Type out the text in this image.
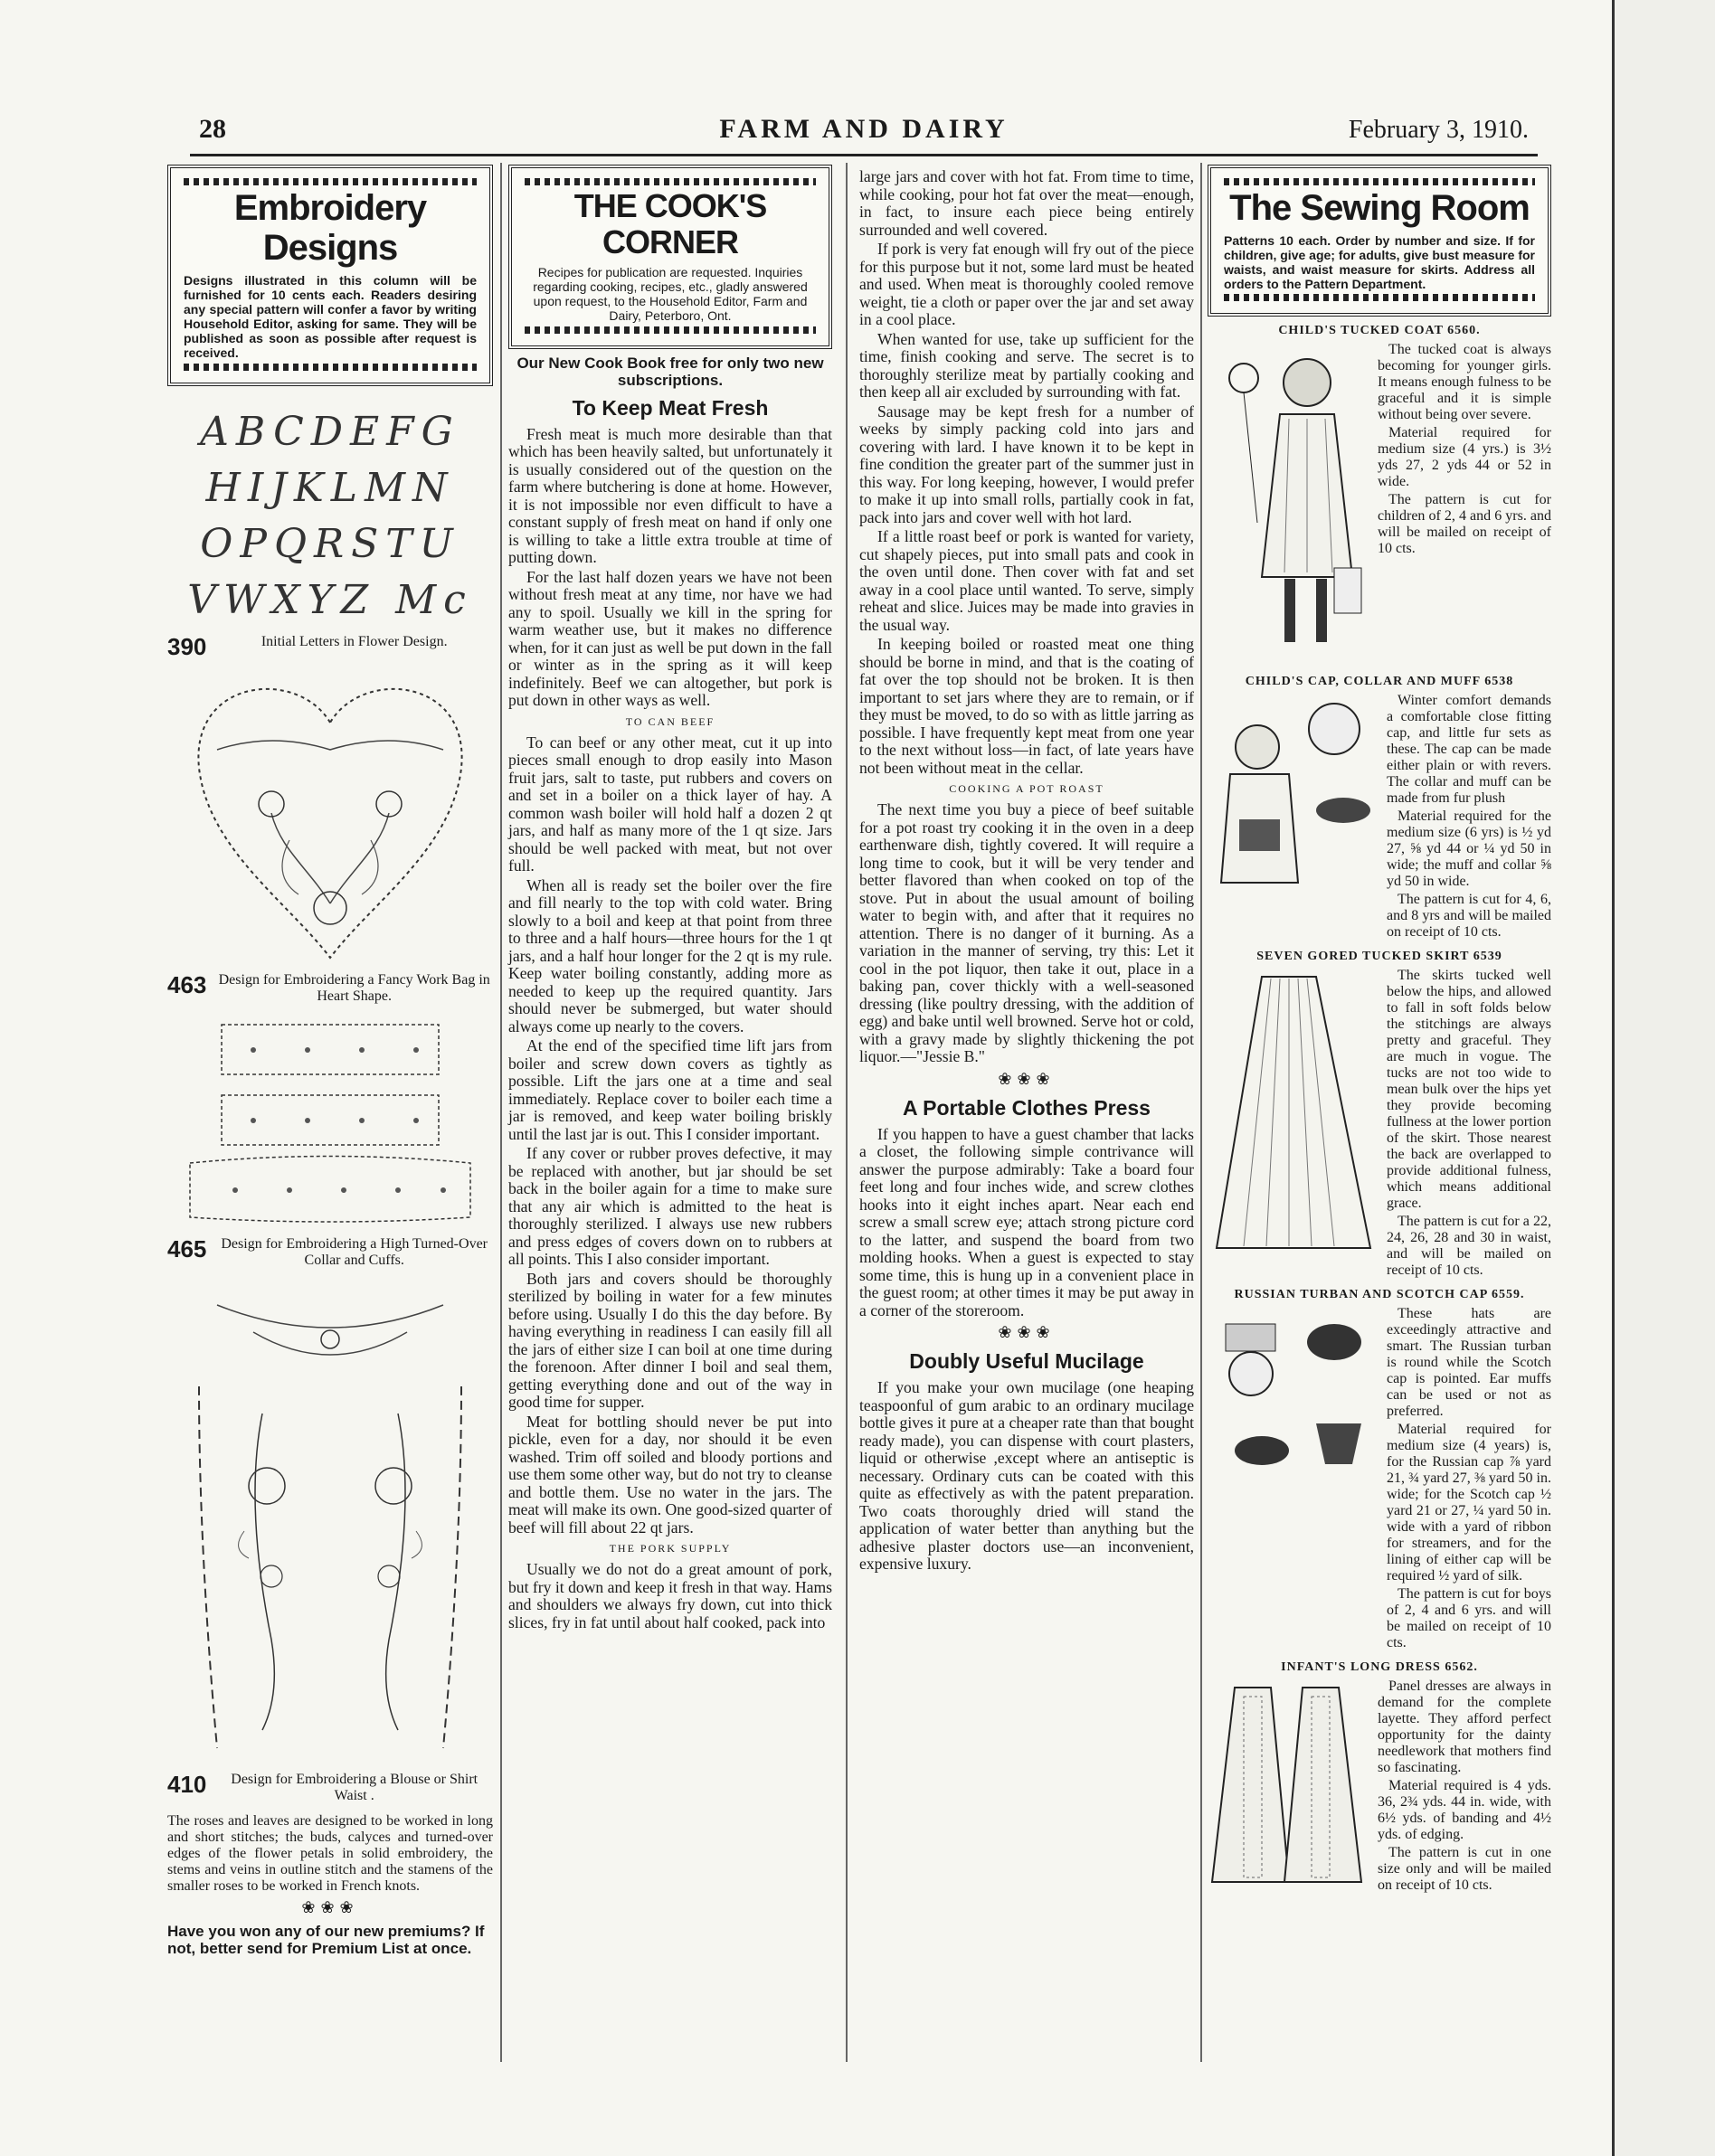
28	FARM AND DAIRY	February 3, 1910.
Embroidery Designs
Designs illustrated in this column will be furnished for 10 cents each. Readers desiring any special pattern will confer a favor by writing Household Editor, asking for same. They will be published as soon as possible after request is received.
ABCDEFG
HIJKLMN
OPQRSTU
VWXYZ Mc
390	Initial Letters in Flower Design.
463 Design for Embroidering a Fancy Work Bag in Heart Shape.
465 Design for Embroidering a High Turned-Over Collar and Cuffs.
410	Design for Embroidering a Blouse or Shirt Waist .
The roses and leaves are designed to be worked in long and short stitches; the buds, calyces and turned-over edges of the flower petals in solid embroidery, the stems and veins in outline stitch and the stamens of the smaller roses to be worked in French knots.
❀❀❀
Have you won any of our new premiums? If not, better send for Premium List at once.
THE COOK'S CORNER
Recipes for publication are requested. Inquiries regarding cooking, recipes, etc., gladly answered upon request, to the Household Editor, Farm and Dairy, Peterboro, Ont.
Our New Cook Book free for only two new subscriptions.
To Keep Meat Fresh

Fresh meat is much more desirable than that which has been heavily salted, but unfortunately it is usually considered out of the question on the farm where butchering is done at home. However, it is not impossible nor even difficult to have a constant supply of fresh meat on hand if only one is willing to take a little extra trouble at time of putting down.

For the last half dozen years we have not been without fresh meat at any time, nor have we had any to spoil. Usually we kill in the spring for warm weather use, but it makes no difference when, for it can just as well be put down in the fall or winter as in the spring as it will keep indefinitely. Beef we can altogether, but pork is put down in other ways as well.

TO CAN BEEF

To can beef or any other meat, cut it up into pieces small enough to drop easily into Mason fruit jars, salt to taste, put rubbers and covers on and set in a boiler on a thick layer of hay. A common wash boiler will hold half a dozen 2 qt jars, and half as many more of the 1 qt size. Jars should be well packed with meat, but not over full.

When all is ready set the boiler over the fire and fill nearly to the top with cold water. Bring slowly to a boil and keep at that point from three to three and a half hours—three hours for the 1 qt jars, and a half hour longer for the 2 qt is my rule. Keep water boiling constantly, adding more as needed to keep up the required quantity. Jars should never be submerged, but water should always come up nearly to the covers.

At the end of the specified time lift jars from boiler and screw down covers as tightly as possible. Lift the jars one at a time and seal immediately. Replace cover to boiler each time a jar is removed, and keep water boiling briskly until the last jar is out. This I consider important.

If any cover or rubber proves defective, it may be replaced with another, but jar should be set back in the boiler again for a time to make sure that any air which is admitted to the heat is thoroughly sterilized. I always use new rubbers and press edges of covers down on to rubbers at all points. This I also consider important.

Both jars and covers should be thoroughly sterilized by boiling in water for a few minutes before using. Usually I do this the day before. By having everything in readiness I can easily fill all the jars of either size I can boil at one time during the forenoon. After dinner I boil and seal them, getting everything done and out of the way in good time for supper.

Meat for bottling should never be put into pickle, even for a day, nor should it be even washed. Trim off soiled and bloody portions and use them some other way, but do not try to cleanse and bottle them. Use no water in the jars. The meat will make its own. One good-sized quarter of beef will fill about 22 qt jars.

THE PORK SUPPLY

Usually we do not do a great amount of pork, but fry it down and keep it fresh in that way. Hams and shoulders we always fry down, cut into thick slices, fry in fat until about half cooked, pack into

large jars and cover with hot fat. From time to time, while cooking, pour hot fat over the meat—enough, in fact, to insure each piece being entirely surrounded and well covered.

If pork is very fat enough will fry out of the piece for this purpose but it not, some lard must be heated and used. When meat is thoroughly cooled remove weight, tie a cloth or paper over the jar and set away in a cool place.

When wanted for use, take up sufficient for the time, finish cooking and serve. The secret is to thoroughly sterilize meat by partially cooking and then keep all air excluded by surrounding with fat.

Sausage may be kept fresh for a number of weeks by simply packing cold into jars and covering with lard. I have known it to be kept in fine condition the greater part of the summer just in this way. For long keeping, however, I would prefer to make it up into small rolls, partially cook in fat, pack into jars and cover well with hot lard.

If a little roast beef or pork is wanted for variety, cut shapely pieces, put into small pats and cook in the oven until done. Then cover with fat and set away in a cool place until wanted. To serve, simply reheat and slice. Juices may be made into gravies in the usual way.

In keeping boiled or roasted meat one thing should be borne in mind, and that is the coating of fat over the top should not be broken. It is then important to set jars where they are to remain, or if they must be moved, to do so with as little jarring as possible. I have frequently kept meat from one year to the next without loss—in fact, of late years have not been without meat in the cellar.

COOKING A POT ROAST

The next time you buy a piece of beef suitable for a pot roast try cooking it in the oven in a deep earthenware dish, tightly covered. It will require a long time to cook, but it will be very tender and better flavored than when cooked on top of the stove. Put in about the usual amount of boiling water to begin with, and after that it requires no attention. There is no danger of it burning. As a variation in the manner of serving, try this: Let it cool in the pot liquor, then take it out, place in a baking pan, cover thickly with a well-seasoned dressing (like poultry dressing, with the addition of egg) and bake until well browned. Serve hot or cold, with a gravy made by slightly thickening the pot liquor.—"Jessie B."

❀❀❀
A Portable Clothes Press

If you happen to have a guest chamber that lacks a closet, the following simple contrivance will answer the purpose admirably: Take a board four feet long and four inches wide, and screw clothes hooks into it eight inches apart. Near each end screw a small screw eye; attach strong picture cord to the latter, and suspend the board from two molding hooks. When a guest is expected to stay some time, this is hung up in a convenient place in the guest room; at other times it may be put away in a corner of the storeroom.

❀❀❀
Doubly Useful Mucilage

If you make your own mucilage (one heaping teaspoonful of gum arabic to an ordinary mucilage bottle gives it pure at a cheaper rate than that bought ready made), you can dispense with court plasters, liquid or otherwise ,except where an antiseptic is necessary. Ordinary cuts can be coated with this quite as effectively as with the patent preparation. Two coats thoroughly dried will stand the application of water better than anything but the adhesive plaster doctors use—an inconvenient, expensive luxury.

The Sewing Room
Patterns 10 each. Order by number and size. If for children, give age; for adults, give bust measure for waists, and waist measure for skirts. Address all orders to the Pattern Department.
CHILD'S TUCKED COAT 6560.

The tucked coat is always becoming for younger girls. It means enough fulness to be graceful and it is simple without being over severe.

Material required for medium size (4 yrs.) is 3½ yds 27, 2 yds 44 or 52 in wide.

The pattern is cut for children of 2, 4 and 6 yrs. and will be mailed on receipt of 10 cts.

CHILD'S CAP, COLLAR AND MUFF 6538

Winter comfort demands a comfortable close fitting cap, and little fur sets as these. The cap can be made either plain or with revers. The collar and muff can be made from fur plush

Material required for the medium size (6 yrs) is ½ yd 27, ⅝ yd 44 or ¼ yd 50 in wide; the muff and collar ⅝ yd 50 in wide.

The pattern is cut for 4, 6, and 8 yrs and will be mailed on receipt of 10 cts.

SEVEN GORED TUCKED SKIRT 6539

The skirts tucked well below the hips, and allowed to fall in soft folds below the stitchings are always pretty and graceful. They are much in vogue. The tucks are not too wide to mean bulk over the hips yet they provide becoming fullness at the lower portion of the skirt. Those nearest the back are overlapped to provide additional fulness, which means additional grace.

The pattern is cut for a 22, 24, 26, 28 and 30 in waist, and will be mailed on receipt of 10 cts.

RUSSIAN TURBAN AND SCOTCH CAP 6559.

These hats are exceedingly attractive and smart. The Russian turban is round while the Scotch cap is pointed. Ear muffs can be used or not as preferred.

Material required for medium size (4 years) is, for the Russian cap ⅞ yard 21, ¾ yard 27, ⅜ yard 50 in. wide; for the Scotch cap ½ yard 21 or 27, ¼ yard 50 in. wide with a yard of ribbon for streamers, and for the lining of either cap will be required ½ yard of silk.

The pattern is cut for boys of 2, 4 and 6 yrs. and will be mailed on receipt of 10 cts.

INFANT'S LONG DRESS 6562.

Panel dresses are always in demand for the complete layette. They afford perfect opportunity for the dainty needlework that mothers find so fascinating.

Material required is 4 yds. 36, 2¾ yds. 44 in. wide, with 6½ yds. of banding and 4½ yds. of edging.

The pattern is cut in one size only and will be mailed on receipt of 10 cts.
